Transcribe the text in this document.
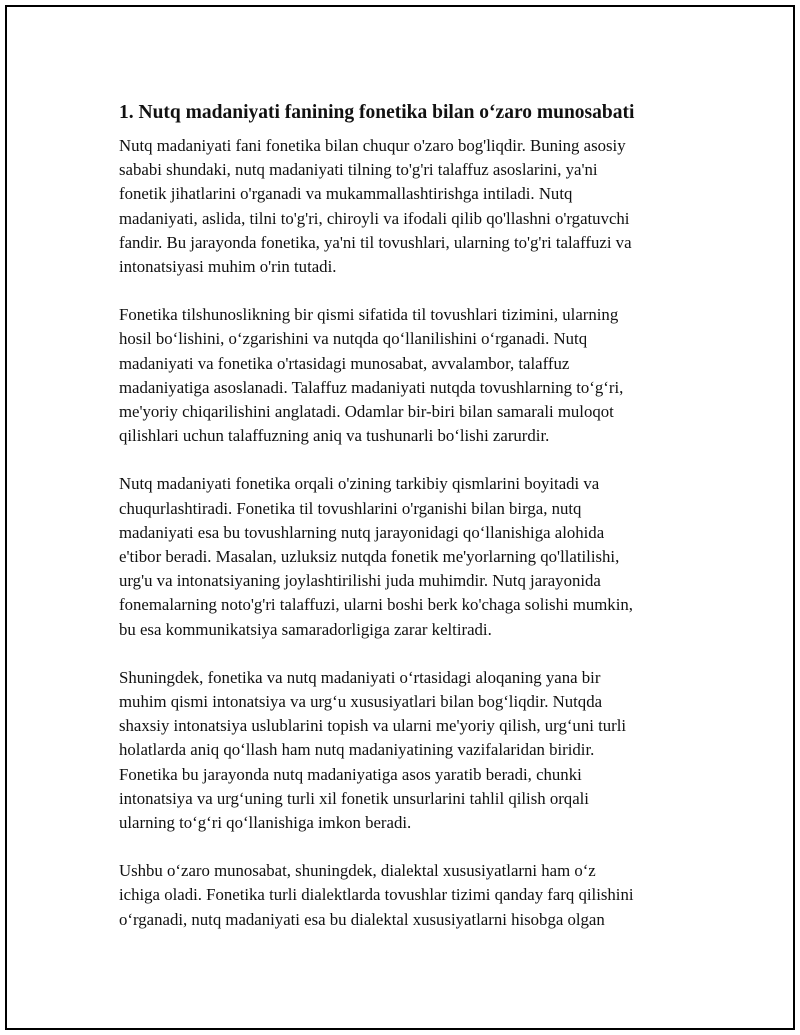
1. Nutq madaniyati fanining fonetika bilan o‘zaro munosabati
Nutq madaniyati fani fonetika bilan chuqur o'zaro bog'liqdir. Buning asosiy
sababi shundaki, nutq madaniyati tilning to'g'ri talaffuz asoslarini, ya'ni
fonetik jihatlarini o'rganadi va mukammallashtirishga intiladi. Nutq
madaniyati, aslida, tilni to'g'ri, chiroyli va ifodali qilib qo'llashni o'rgatuvchi
fandir. Bu jarayonda fonetika, ya'ni til tovushlari, ularning to'g'ri talaffuzi va
intonatsiyasi muhim o'rin tutadi.
Fonetika tilshunoslikning bir qismi sifatida til tovushlari tizimini, ularning
hosil bo‘lishini, o‘zgarishini va nutqda qo‘llanilishini o‘rganadi. Nutq
madaniyati va fonetika o'rtasidagi munosabat, avvalambor, talaffuz
madaniyatiga asoslanadi. Talaffuz madaniyati nutqda tovushlarning to‘g‘ri,
me'yoriy chiqarilishini anglatadi. Odamlar bir-biri bilan samarali muloqot
qilishlari uchun talaffuzning aniq va tushunarli bo‘lishi zarurdir.
Nutq madaniyati fonetika orqali o'zining tarkibiy qismlarini boyitadi va
chuqurlashtiradi. Fonetika til tovushlarini o'rganishi bilan birga, nutq
madaniyati esa bu tovushlarning nutq jarayonidagi qo‘llanishiga alohida
e'tibor beradi. Masalan, uzluksiz nutqda fonetik me'yorlarning qo'llatilishi,
urg'u va intonatsiyaning joylashtirilishi juda muhimdir. Nutq jarayonida
fonemalarning noto'g'ri talaffuzi, ularni boshi berk ko'chaga solishi mumkin,
bu esa kommunikatsiya samaradorligiga zarar keltiradi.
Shuningdek, fonetika va nutq madaniyati o‘rtasidagi aloqaning yana bir
muhim qismi intonatsiya va urg‘u xususiyatlari bilan bog‘liqdir. Nutqda
shaxsiy intonatsiya uslublarini topish va ularni me'yoriy qilish, urg‘uni turli
holatlarda aniq qo‘llash ham nutq madaniyatining vazifalaridan biridir.
Fonetika bu jarayonda nutq madaniyatiga asos yaratib beradi, chunki
intonatsiya va urg‘uning turli xil fonetik unsurlarini tahlil qilish orqali
ularning to‘g‘ri qo‘llanishiga imkon beradi.
Ushbu o‘zaro munosabat, shuningdek, dialektal xususiyatlarni ham o‘z
ichiga oladi. Fonetika turli dialektlarda tovushlar tizimi qanday farq qilishini
o‘rganadi, nutq madaniyati esa bu dialektal xususiyatlarni hisobga olgan
